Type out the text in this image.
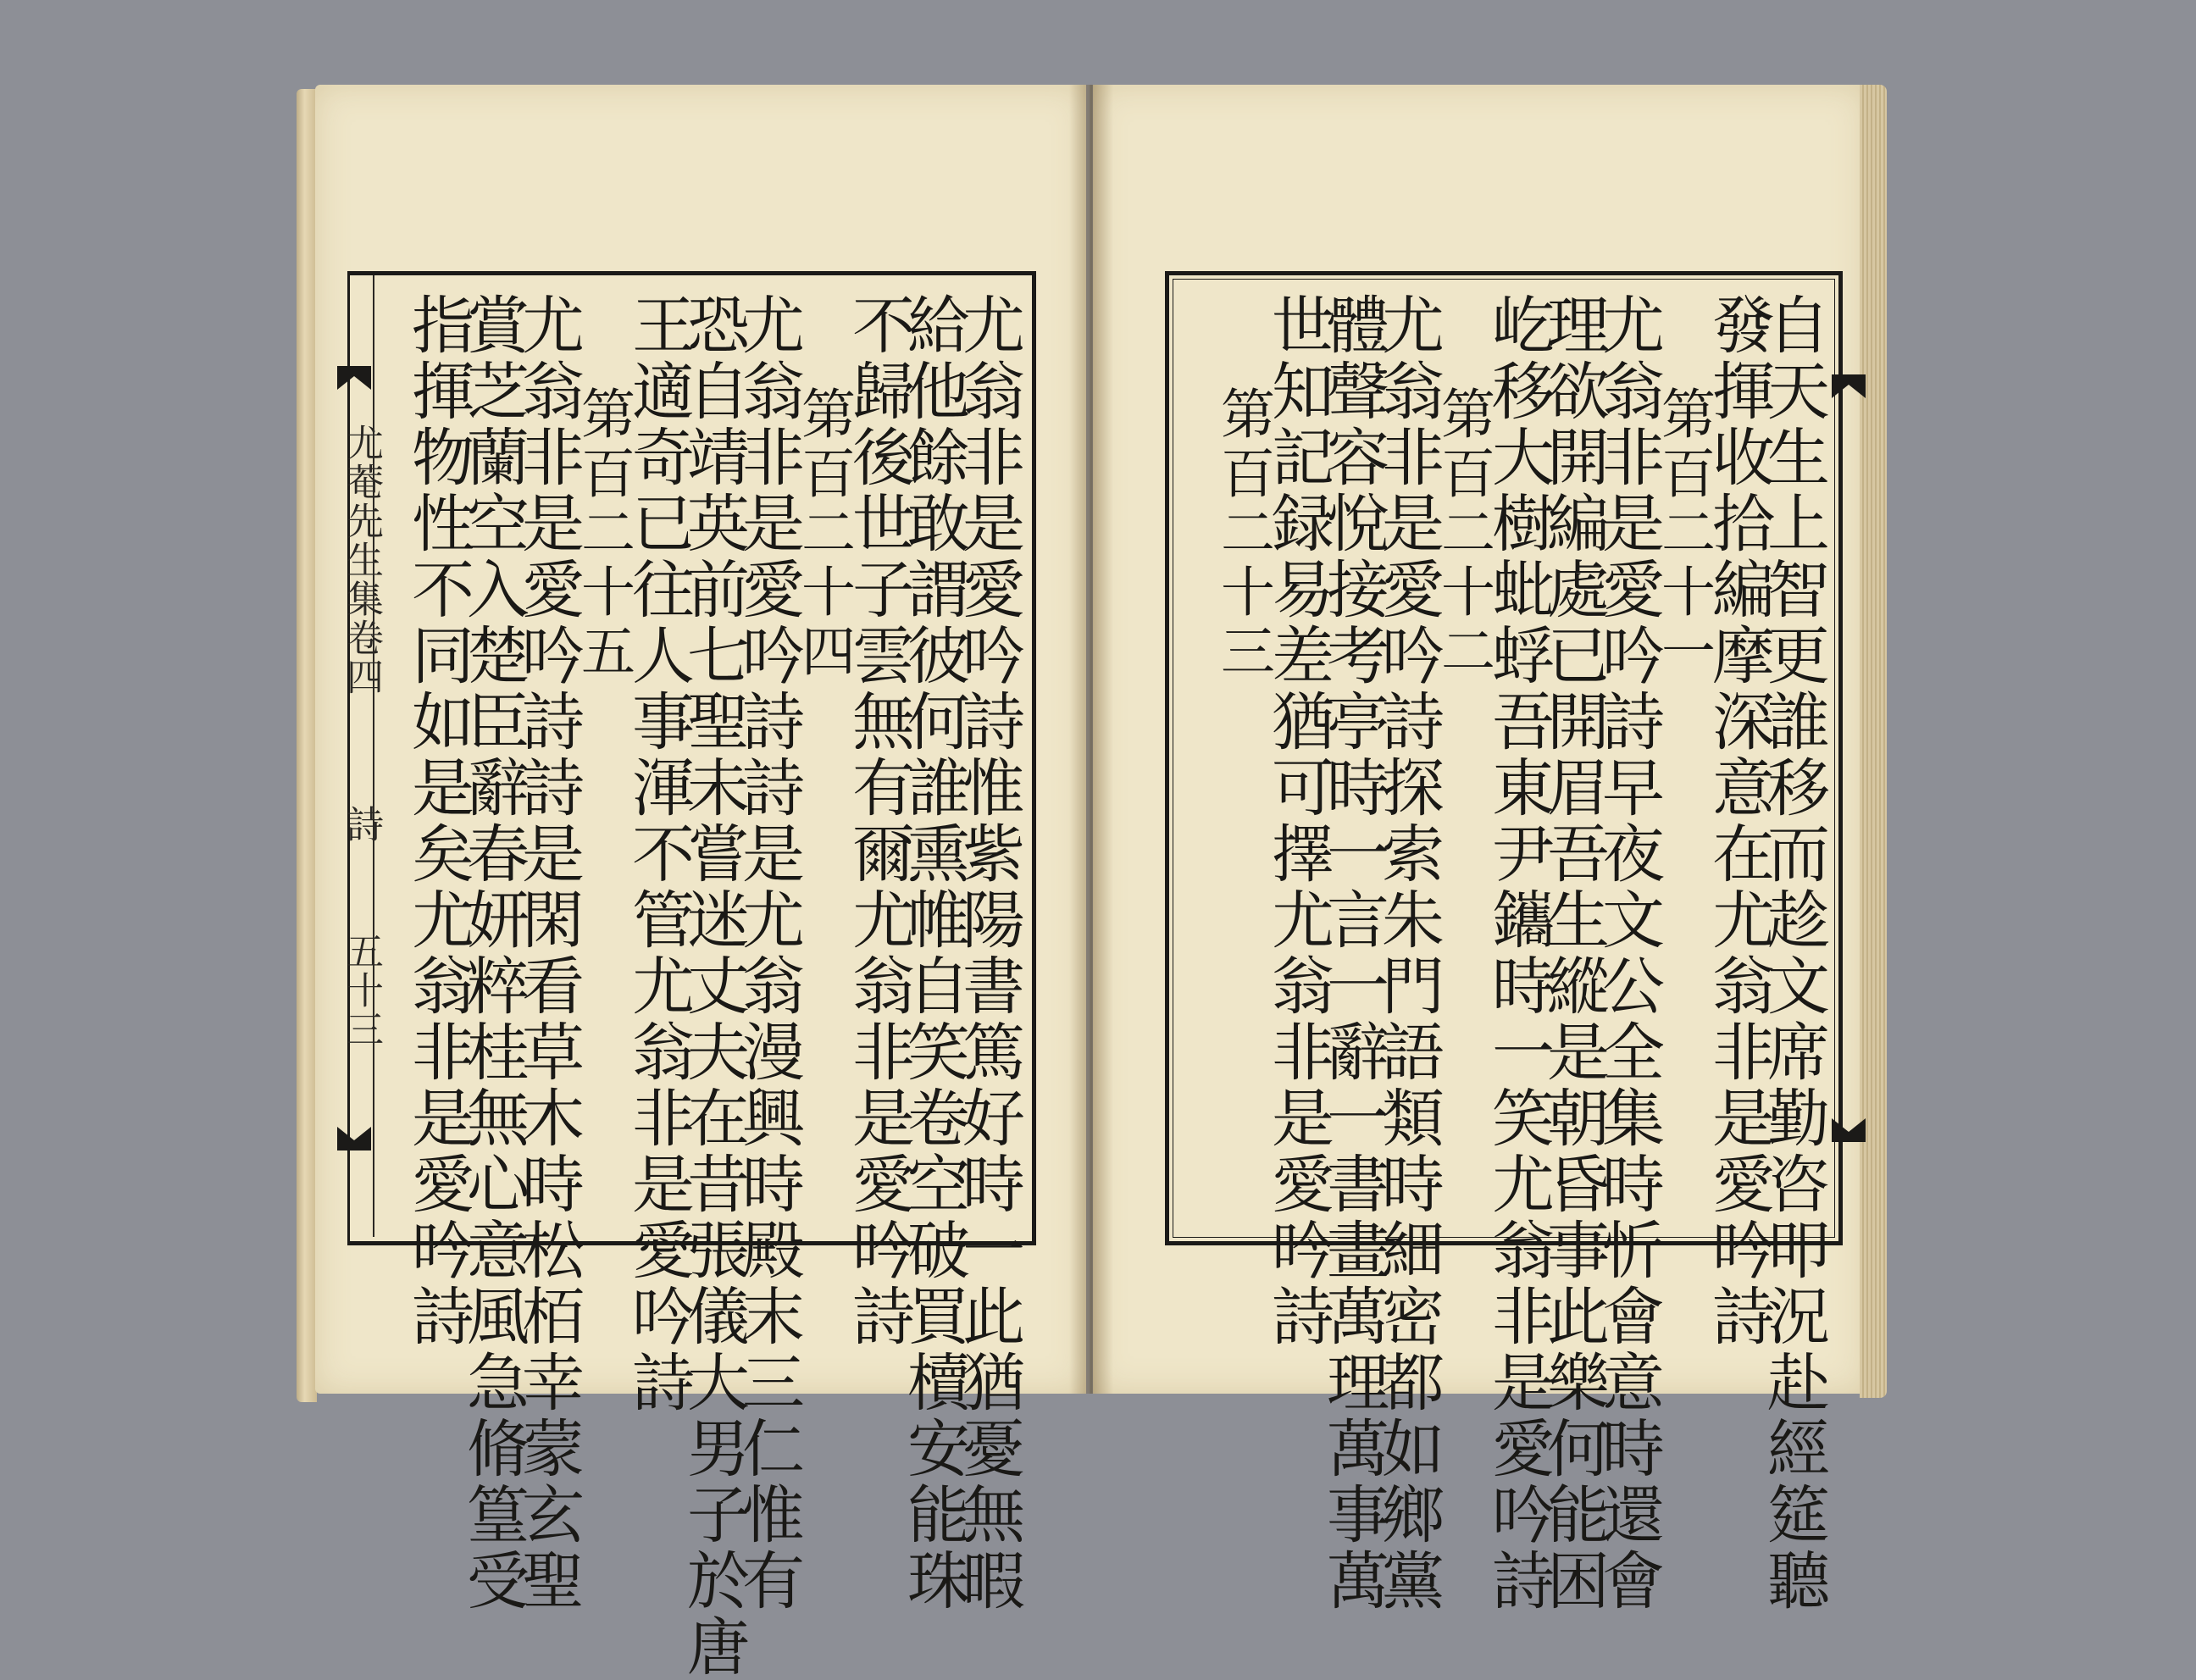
尤菴先生集卷四
詩
五十三	尤翁非是愛吟詩惟紫陽書篤好時一此猶憂無暇
給他餘敢謂彼何誰熏帷自笑卷空破買櫝安能珠
不歸後世子雲無有爾尤翁非是愛吟詩
第百二十四
尤翁非是愛吟詩詩是尤翁漫興時殿末三仁惟有
恐自靖英前七聖未嘗迷丈夫在昔張儀大男子於唐
王適奇已往人事渾不管尤翁非是愛吟詩
第百二十五
尤翁非是愛吟詩詩是閑看草木時松栢幸蒙玄聖
賞芝蘭空入楚臣辭春妍粹桂無心意風急脩篁受
指揮物性不同如是矣尤翁非是愛吟詩	自天生上智更誰移而趁文席勤咨叩況赴經筵聽
發揮收拾編摩深意在尤翁非是愛吟詩
第百二十一
尤翁非是愛吟詩早夜文公全集時忻會意時還會
理欲開編處已開眉吾生縱是朝昏事此樂何能困
屹移大樹蚍蜉吾東尹鑴時一笑尤翁非是愛吟詩
第百二十二
尤翁非是愛吟詩探索朱門語類時細密都如鄉黨
體聲容悅接考亭時一言一辭一書畫萬理萬事萬
世知記録易差猶可擇尤翁非是愛吟詩
第百二十三
